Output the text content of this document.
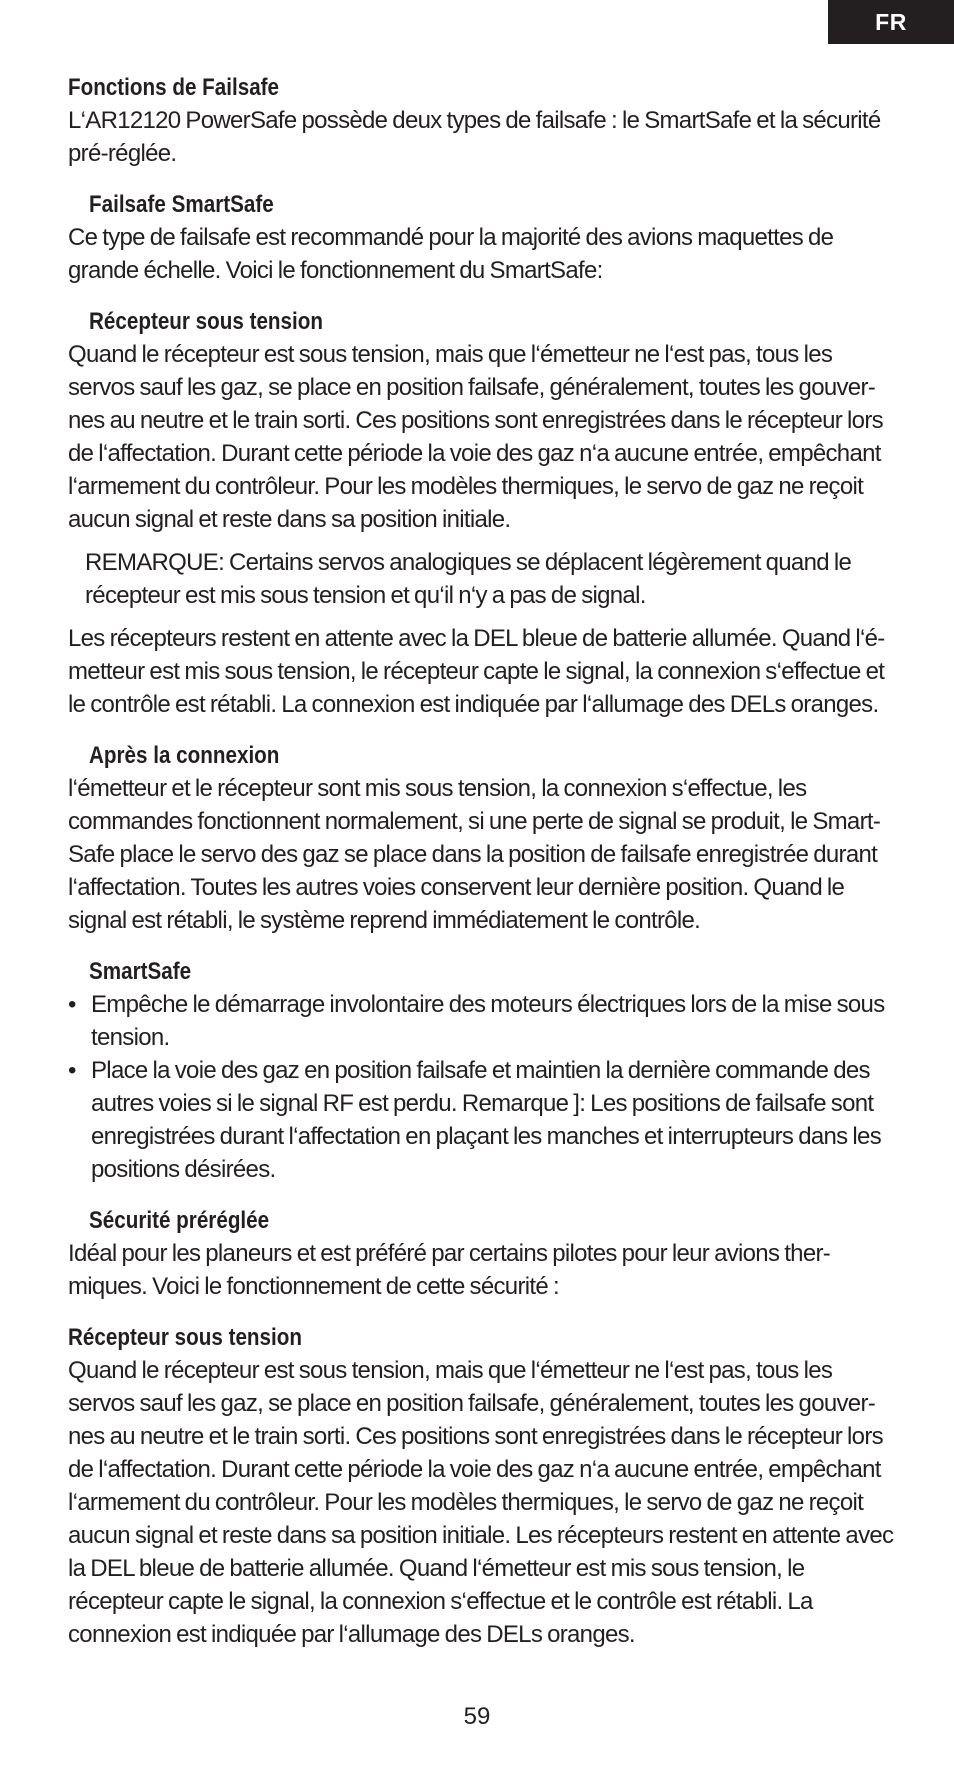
FR
Fonctions de Failsafe

L‘AR12120 PowerSafe possède deux types de failsafe : le SmartSafe et la sécurité pré-réglée.

Failsafe SmartSafe

Ce type de failsafe est recommandé pour la majorité des avions maquettes de grande échelle. Voici le fonctionnement du SmartSafe:

Récepteur sous tension

Quand le récepteur est sous tension, mais que l‘émetteur ne l‘est pas, tous les servos sauf les gaz, se place en position failsafe, généralement, toutes les gouver-nes au neutre et le train sorti. Ces positions sont enregistrées dans le récepteur lors de l‘affectation. Durant cette période la voie des gaz n‘a aucune entrée, empêchant l‘armement du contrôleur. Pour les modèles thermiques, le servo de gaz ne reçoit aucun signal et reste dans sa position initiale.

REMARQUE: Certains servos analogiques se déplacent légèrement quand le récepteur est mis sous tension et qu‘il n‘y a pas de signal.

Les récepteurs restent en attente avec la DEL bleue de batterie allumée. Quand l‘é-metteur est mis sous tension, le récepteur capte le signal, la connexion s‘effectue et le contrôle est rétabli. La connexion est indiquée par l‘allumage des DELs oranges.

Après la connexion

l‘émetteur et le récepteur sont mis sous tension, la connexion s‘effectue, les commandes fonctionnent normalement, si une perte de signal se produit, le Smart-Safe place le servo des gaz se place dans la position de failsafe enregistrée durant l‘affectation. Toutes les autres voies conservent leur dernière position. Quand le signal est rétabli, le système reprend immédiatement le contrôle.

SmartSafe
• Empêche le démarrage involontaire des moteurs électriques lors de la mise sous tension.
• Place la voie des gaz en position failsafe et maintien la dernière commande des autres voies si le signal RF est perdu. Remarque ]: Les positions de failsafe sont enregistrées durant l‘affectation en plaçant les manches et interrupteurs dans les positions désirées.
Sécurité préréglée

Idéal pour les planeurs et est préféré par certains pilotes pour leur avions ther-miques. Voici le fonctionnement de cette sécurité :

Récepteur sous tension

Quand le récepteur est sous tension, mais que l‘émetteur ne l‘est pas, tous les servos sauf les gaz, se place en position failsafe, généralement, toutes les gouver-nes au neutre et le train sorti. Ces positions sont enregistrées dans le récepteur lors de l‘affectation. Durant cette période la voie des gaz n‘a aucune entrée, empêchant l‘armement du contrôleur. Pour les modèles thermiques, le servo de gaz ne reçoit aucun signal et reste dans sa position initiale. Les récepteurs restent en attente avec la DEL bleue de batterie allumée. Quand l‘émetteur est mis sous tension, le récepteur capte le signal, la connexion s‘effectue et le contrôle est rétabli. La connexion est indiquée par l‘allumage des DELs oranges.

59
